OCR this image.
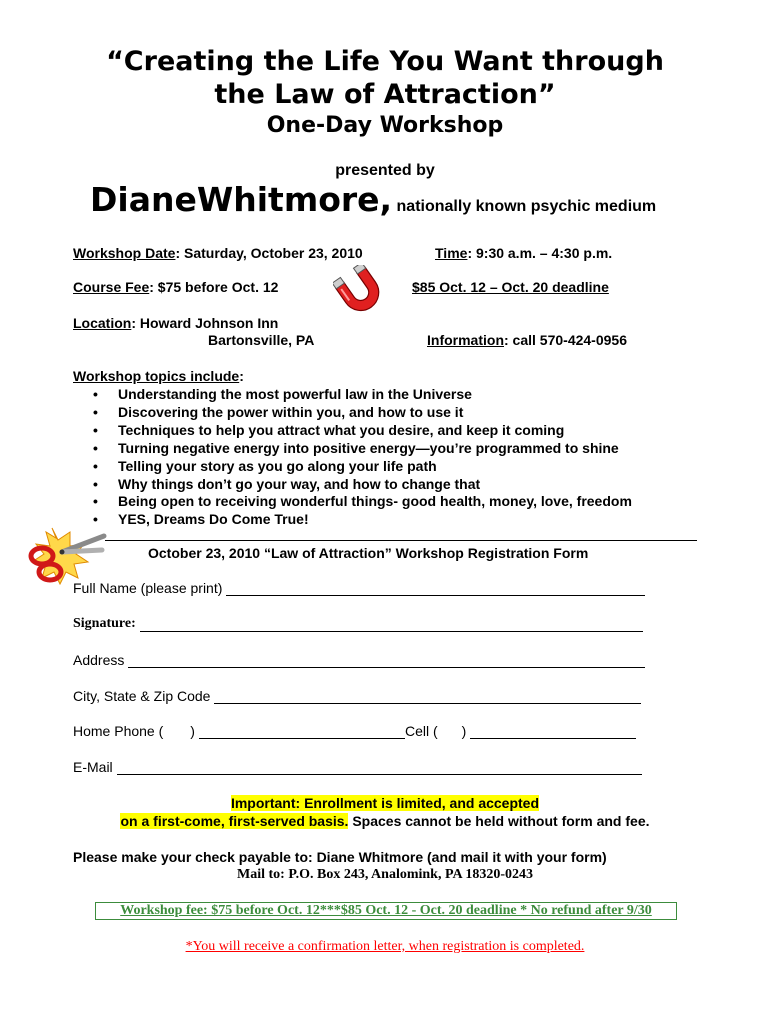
“Creating the Life You Want through
the Law of Attraction”
One-Day Workshop
presented by
DianeWhitmore, nationally known psychic medium
Workshop Date: Saturday, October 23, 2010	Time: 9:30 a.m. – 4:30 p.m.
Course Fee: $75 before Oct. 12	$85 Oct. 12 – Oct. 20 deadline
Location: Howard Johnson Inn
Bartonsville, PA	Information: call 570-424-0956
Workshop topics include:
• Understanding the most powerful law in the Universe
• Discovering the power within you, and how to use it
• Techniques to help you attract what you desire, and keep it coming
• Turning negative energy into positive energy—you’re programmed to shine
• Telling your story as you go along your life path
• Why things don’t go your way, and how to change that
• Being open to receiving wonderful things- good health, money, love, freedom
• YES, Dreams Do Come True!
October 23, 2010 “Law of Attraction” Workshop Registration Form
Full Name (please print)
Signature:
Address
City, State & Zip Code
Home Phone ( )	Cell ( )
E-Mail
Important: Enrollment is limited, and accepted
on a first-come, first-served basis. Spaces cannot be held without form and fee.
Please make your check payable to: Diane Whitmore (and mail it with your form)
Mail to: P.O. Box 243, Analomink, PA 18320-0243
Workshop fee: $75 before Oct. 12***$85 Oct. 12 - Oct. 20 deadline * No refund after 9/30
*You will receive a confirmation letter, when registration is completed.
